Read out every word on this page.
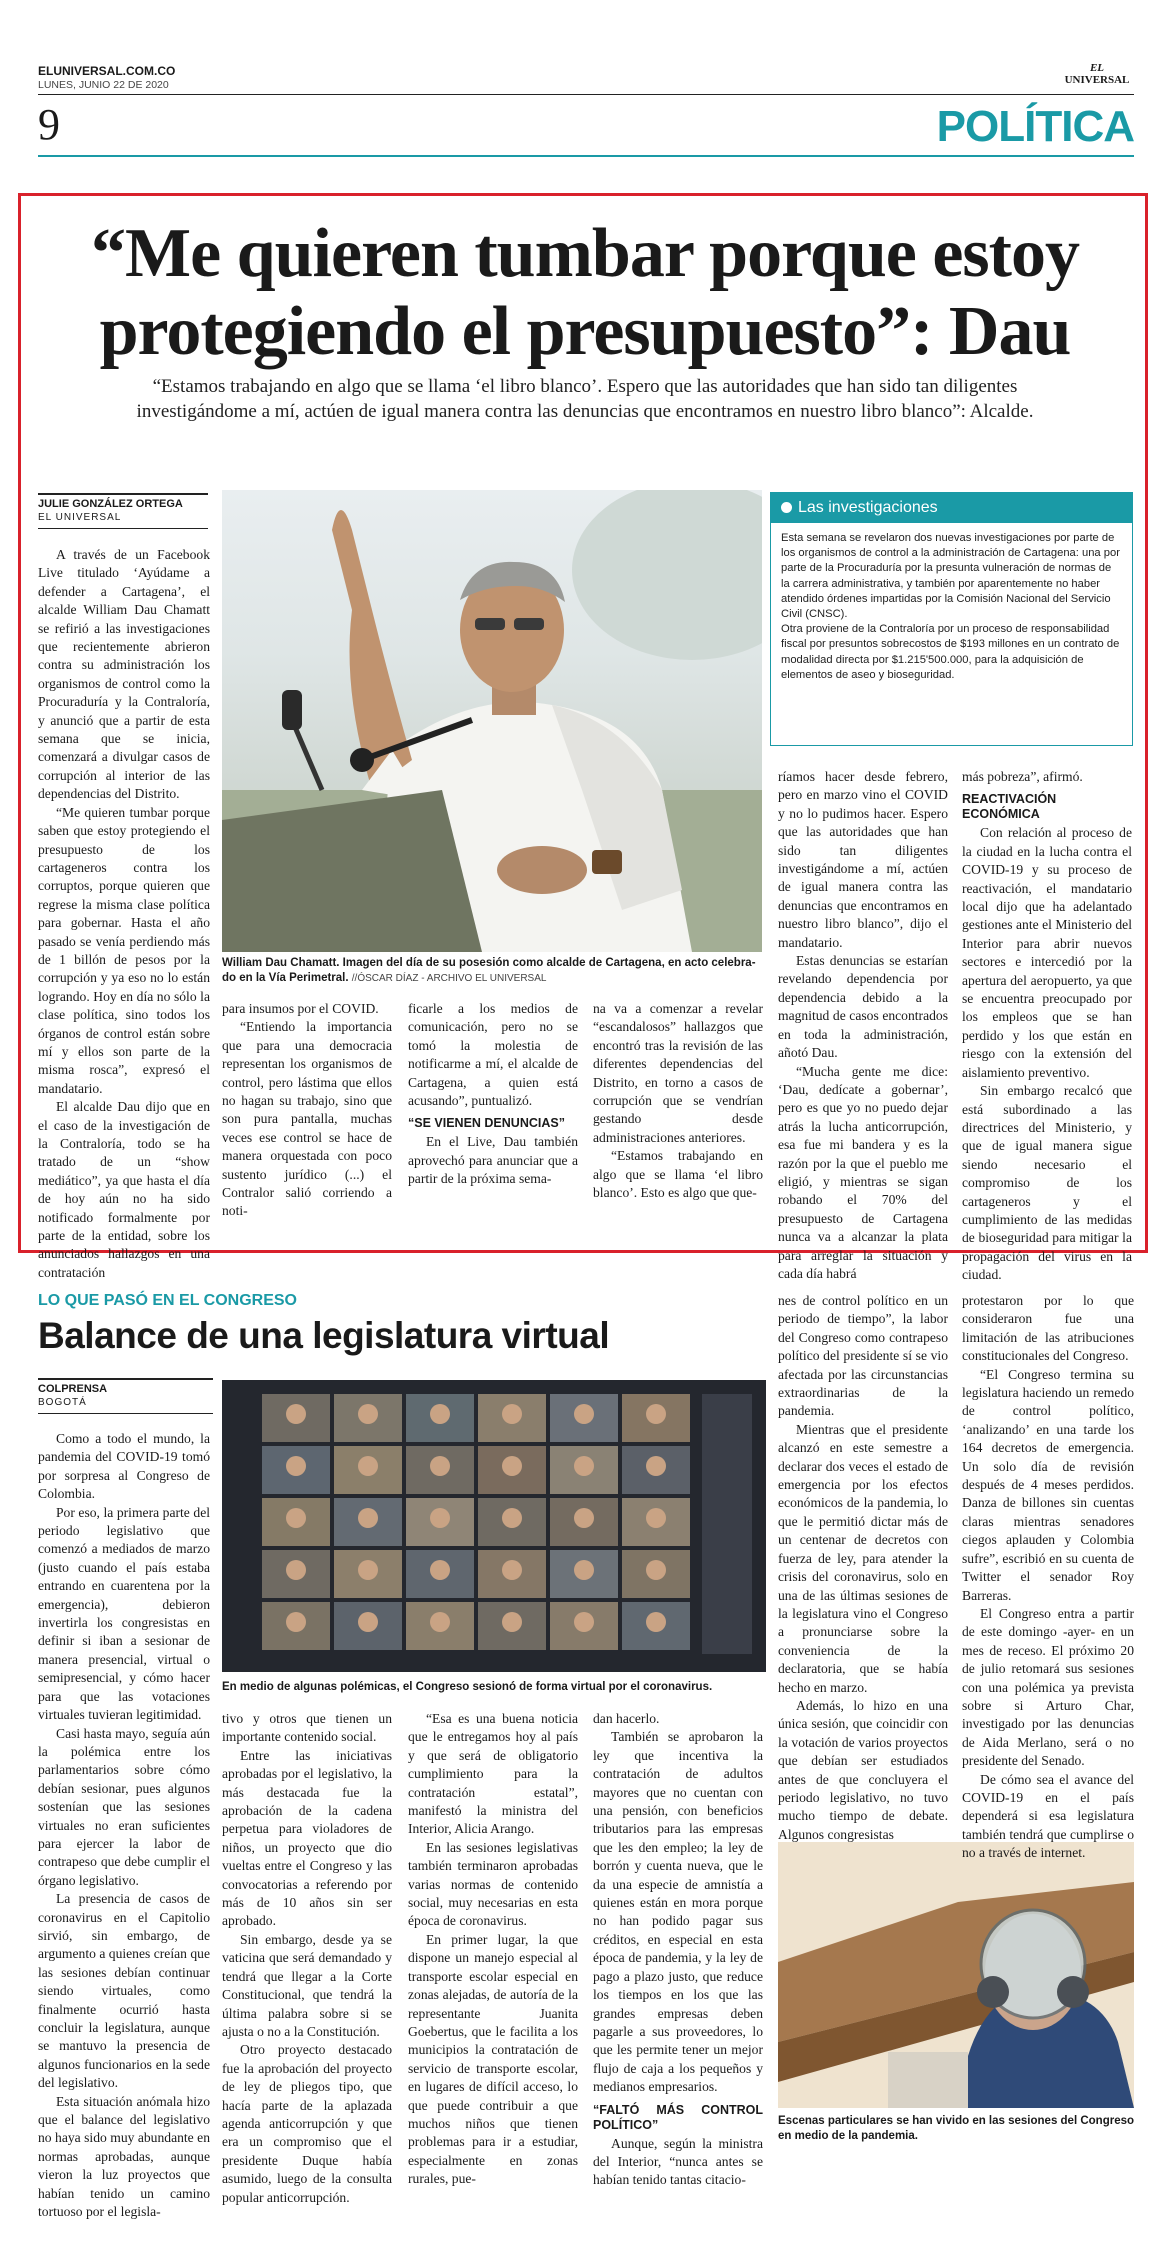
ELUNIVERSAL.COM.CO
LUNES, JUNIO 22 DE 2020
EL
UNIVERSAL
9	POLÍTICA
“Me quieren tumbar porque estoy
protegiendo el presupuesto”: Dau
“Estamos trabajando en algo que se llama ‘el libro blanco’. Espero que las autoridades que han sido tan diligentes
investigándome a mí, actúen de igual manera contra las denuncias que encontramos en nuestro libro blanco”: Alcalde.
JULIE GONZÁLEZ ORTEGA
EL UNIVERSAL
William Dau Chamatt. Imagen del día de su posesión como alcalde de Cartagena, en acto celebra-do en la Vía Perimetral. //ÓSCAR DÍAZ - ARCHIVO EL UNIVERSAL
Las investigaciones
Esta semana se revelaron dos nuevas investigaciones por parte de los organismos de control a la administración de Cartagena: una por parte de la Procuraduría por la presunta vulneración de normas de la carrera administrativa, y también por aparentemente no haber atendido órdenes impartidas por la Comisión Nacional del Servicio Civil (CNSC).
Otra proviene de la Contraloría por un proceso de responsabilidad fiscal por presuntos sobrecostos de $193 millones en un contrato de modalidad directa por $1.215'500.000, para la adquisición de elementos de aseo y bioseguridad.

A través de un Facebook Live titulado ‘Ayúdame a defender a Cartagena’, el alcalde William Dau Chamatt se refirió a las investigaciones que recientemente abrieron contra su administración los organismos de control como la Procuraduría y la Contraloría, y anunció que a partir de esta semana que se inicia, comenzará a divulgar casos de corrupción al interior de las dependencias del Distrito.

“Me quieren tumbar porque saben que estoy protegiendo el presupuesto de los cartageneros contra los corruptos, porque quieren que regrese la misma clase política para gobernar. Hasta el año pasado se venía perdiendo más de 1 billón de pesos por la corrupción y ya eso no lo están logrando. Hoy en día no sólo la clase política, sino todos los órganos de control están sobre mí y ellos son parte de la misma rosca”, expresó el mandatario.

El alcalde Dau dijo que en el caso de la investigación de la Contraloría, todo se ha tratado de un “show mediático”, ya que hasta el día de hoy aún no ha sido notificado formalmente por parte de la entidad, sobre los anunciados hallazgos en una contratación

para insumos por el COVID.

“Entiendo la importancia que para una democracia representan los organismos de control, pero lástima que ellos no hagan su trabajo, sino que son pura pantalla, muchas veces ese control se hace de manera orquestada con poco sustento jurídico (...) el Contralor salió corriendo a noti-

ficarle a los medios de comunicación, pero no se tomó la molestia de notificarme a mí, el alcalde de Cartagena, a quien está acusando”, puntualizó.

“SE VIENEN DENUNCIAS”

En el Live, Dau también aprovechó para anunciar que a partir de la próxima sema-

na va a comenzar a revelar “escandalosos” hallazgos que encontró tras la revisión de las diferentes dependencias del Distrito, en torno a casos de corrupción que se vendrían gestando desde administraciones anteriores.

“Estamos trabajando en algo que se llama ‘el libro blanco’. Esto es algo que que-

ríamos hacer desde febrero, pero en marzo vino el COVID y no lo pudimos hacer. Espero que las autoridades que han sido tan diligentes investigándome a mí, actúen de igual manera contra las denuncias que encontramos en nuestro libro blanco”, dijo el mandatario.

Estas denuncias se estarían revelando dependencia por dependencia debido a la magnitud de casos encontrados en toda la administración, añotó Dau.

“Mucha gente me dice: ‘Dau, dedícate a gobernar’, pero es que yo no puedo dejar atrás la lucha anticorrupción, esa fue mi bandera y es la razón por la que el pueblo me eligió, y mientras se sigan robando el 70% del presupuesto de Cartagena nunca va a alcanzar la plata para arreglar la situación y cada día habrá

más pobreza”, afirmó.

REACTIVACIÓN ECONÓMICA

Con relación al proceso de la ciudad en la lucha contra el COVID-19 y su proceso de reactivación, el mandatario local dijo que ha adelantado gestiones ante el Ministerio del Interior para abrir nuevos sectores e intercedió por la apertura del aeropuerto, ya que se encuentra preocupado por los empleos que se han perdido y los que están en riesgo con la extensión del aislamiento preventivo.

Sin embargo recalcó que está subordinado a las directrices del Ministerio, y que de igual manera sigue siendo necesario el compromiso de los cartageneros y el cumplimiento de las medidas de bioseguridad para mitigar la propagación del virus en la ciudad.

LO QUE PASÓ EN EL CONGRESO
Balance de una legislatura virtual
COLPRENSA
BOGOTÁ
En medio de algunas polémicas, el Congreso sesionó de forma virtual por el coronavirus.
Escenas particulares se han vivido en las sesiones del Congreso en medio de la pandemia.

Como a todo el mundo, la pandemia del COVID-19 tomó por sorpresa al Congreso de Colombia.

Por eso, la primera parte del periodo legislativo que comenzó a mediados de marzo (justo cuando el país estaba entrando en cuarentena por la emergencia), debieron invertirla los congresistas en definir si iban a sesionar de manera presencial, virtual o semipresencial, y cómo hacer para que las votaciones virtuales tuvieran legitimidad.

Casi hasta mayo, seguía aún la polémica entre los parlamentarios sobre cómo debían sesionar, pues algunos sostenían que las sesiones virtuales no eran suficientes para ejercer la labor de contrapeso que debe cumplir el órgano legislativo.

La presencia de casos de coronavirus en el Capitolio sirvió, sin embargo, de argumento a quienes creían que las sesiones debían continuar siendo virtuales, como finalmente ocurrió hasta concluir la legislatura, aunque se mantuvo la presencia de algunos funcionarios en la sede del legislativo.

Esta situación anómala hizo que el balance del legislativo no haya sido muy abundante en normas aprobadas, aunque vieron la luz proyectos que habían tenido un camino tortuoso por el legisla-

tivo y otros que tienen un importante contenido social.

Entre las iniciativas aprobadas por el legislativo, la más destacada fue la aprobación de la cadena perpetua para violadores de niños, un proyecto que dio vueltas entre el Congreso y las convocatorias a referendo por más de 10 años sin ser aprobado.

Sin embargo, desde ya se vaticina que será demandado y tendrá que llegar a la Corte Constitucional, que tendrá la última palabra sobre si se ajusta o no a la Constitución.

Otro proyecto destacado fue la aprobación del proyecto de ley de pliegos tipo, que hacía parte de la aplazada agenda anticorrupción y que era un compromiso que el presidente Duque había asumido, luego de la consulta popular anticorrupción.

“Esa es una buena noticia que le entregamos hoy al país y que será de obligatorio cumplimiento para la contratación estatal”, manifestó la ministra del Interior, Alicia Arango.

En las sesiones legislativas también terminaron aprobadas varias normas de contenido social, muy necesarias en esta época de coronavirus.

En primer lugar, la que dispone un manejo especial al transporte escolar especial en zonas alejadas, de autoría de la representante Juanita Goebertus, que le facilita a los municipios la contratación de servicio de transporte escolar, en lugares de difícil acceso, lo que puede contribuir a que muchos niños que tienen problemas para ir a estudiar, especialmente en zonas rurales, pue-

dan hacerlo.

También se aprobaron la ley que incentiva la contratación de adultos mayores que no cuentan con una pensión, con beneficios tributarios para las empresas que les den empleo; la ley de borrón y cuenta nueva, que le da una especie de amnistía a quienes están en mora porque no han podido pagar sus créditos, en especial en esta época de pandemia, y la ley de pago a plazo justo, que reduce los tiempos en los que las grandes empresas deben pagarle a sus proveedores, lo que les permite tener un mejor flujo de caja a los pequeños y medianos empresarios.

“FALTÓ MÁS CONTROL POLÍTICO”

Aunque, según la ministra del Interior, “nunca antes se habían tenido tantas citacio-

nes de control político en un periodo de tiempo”, la labor del Congreso como contrapeso político del presidente sí se vio afectada por las circunstancias extraordinarias de la pandemia.

Mientras que el presidente alcanzó en este semestre a declarar dos veces el estado de emergencia por los efectos económicos de la pandemia, lo que le permitió dictar más de un centenar de decretos con fuerza de ley, para atender la crisis del coronavirus, solo en una de las últimas sesiones de la legislatura vino el Congreso a pronunciarse sobre la conveniencia de la declaratoria, que se había hecho en marzo.

Además, lo hizo en una única sesión, que coincidir con la votación de varios proyectos que debían ser estudiados antes de que concluyera el periodo legislativo, no tuvo mucho tiempo de debate. Algunos congresistas

protestaron por lo que consideraron fue una limitación de las atribuciones constitucionales del Congreso.

“El Congreso termina su legislatura haciendo un remedo de control político, ‘analizando’ en una tarde los 164 decretos de emergencia. Un solo día de revisión después de 4 meses perdidos. Danza de billones sin cuentas claras mientras senadores ciegos aplauden y Colombia sufre”, escribió en su cuenta de Twitter el senador Roy Barreras.

El Congreso entra a partir de este domingo -ayer- en un mes de receso. El próximo 20 de julio retomará sus sesiones con una polémica ya prevista sobre si Arturo Char, investigado por las denuncias de Aida Merlano, será o no presidente del Senado.

De cómo sea el avance del COVID-19 en el país dependerá si esa legislatura también tendrá que cumplirse o no a través de internet.
